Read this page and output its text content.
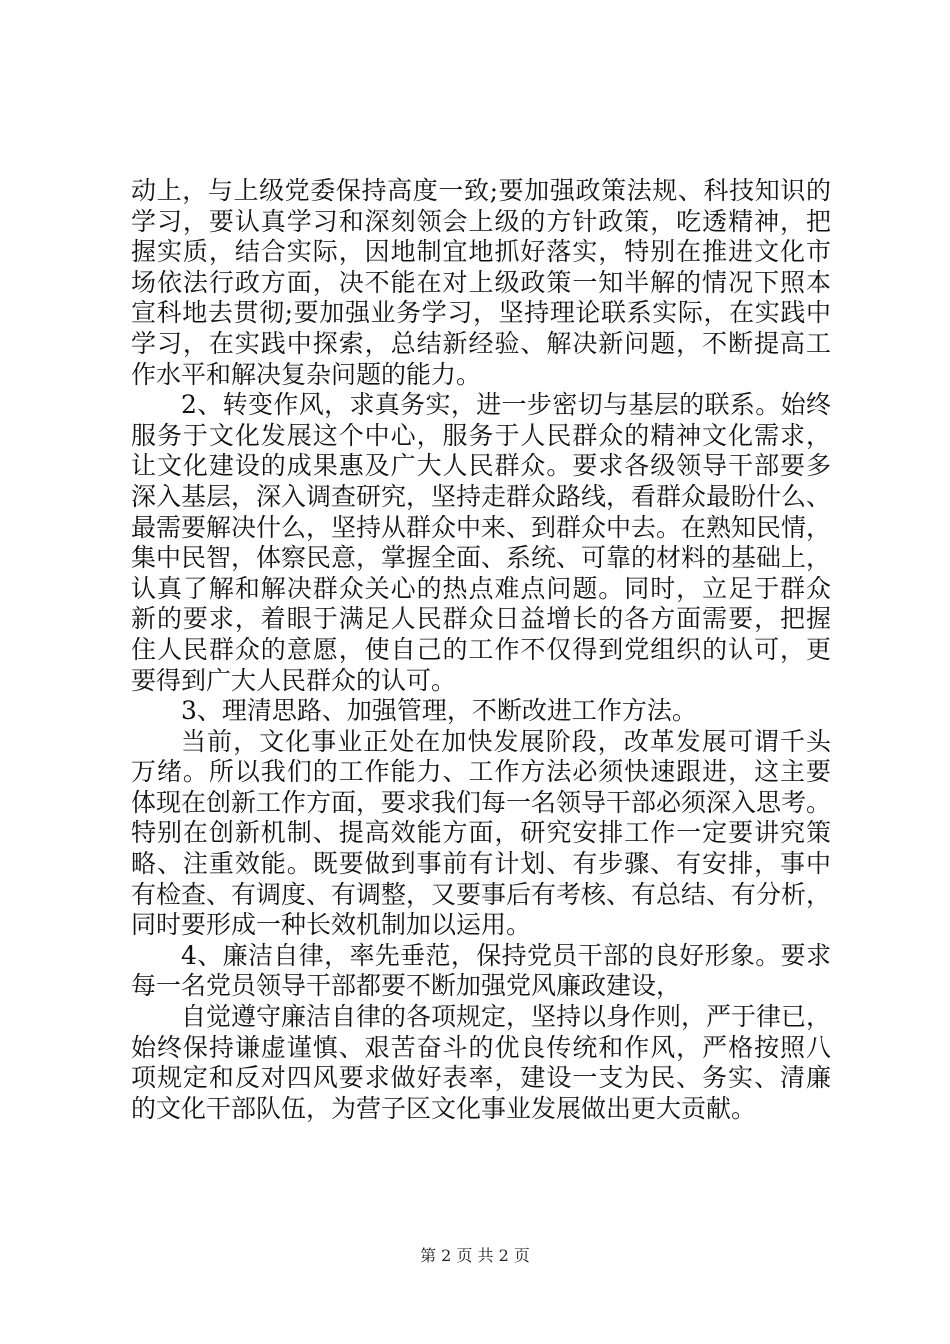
动上，与上级党委保持高度一致;要加强政策法规、科技知识的
学习，要认真学习和深刻领会上级的方针政策，吃透精神，把
握实质，结合实际，因地制宜地抓好落实，特别在推进文化市
场依法行政方面，决不能在对上级政策一知半解的情况下照本
宣科地去贯彻;要加强业务学习，坚持理论联系实际，在实践中
学习，在实践中探索，总结新经验、解决新问题，不断提高工
作水平和解决复杂问题的能力。
2、转变作风，求真务实，进一步密切与基层的联系。始终
服务于文化发展这个中心，服务于人民群众的精神文化需求，
让文化建设的成果惠及广大人民群众。要求各级领导干部要多
深入基层，深入调查研究，坚持走群众路线，看群众最盼什么、
最需要解决什么，坚持从群众中来、到群众中去。在熟知民情，
集中民智，体察民意，掌握全面、系统、可靠的材料的基础上，
认真了解和解决群众关心的热点难点问题。同时，立足于群众
新的要求，着眼于满足人民群众日益增长的各方面需要，把握
住人民群众的意愿，使自己的工作不仅得到党组织的认可，更
要得到广大人民群众的认可。
3、理清思路、加强管理，不断改进工作方法。
当前，文化事业正处在加快发展阶段，改革发展可谓千头
万绪。所以我们的工作能力、工作方法必须快速跟进，这主要
体现在创新工作方面，要求我们每一名领导干部必须深入思考。
特别在创新机制、提高效能方面，研究安排工作一定要讲究策
略、注重效能。既要做到事前有计划、有步骤、有安排，事中
有检查、有调度、有调整，又要事后有考核、有总结、有分析，
同时要形成一种长效机制加以运用。
4、廉洁自律，率先垂范，保持党员干部的良好形象。要求
每一名党员领导干部都要不断加强党风廉政建设，
自觉遵守廉洁自律的各项规定，坚持以身作则，严于律已，
始终保持谦虚谨慎、艰苦奋斗的优良传统和作风，严格按照八
项规定和反对四风要求做好表率，建设一支为民、务实、清廉
的文化干部队伍，为营子区文化事业发展做出更大贡献。
第 2 页 共 2 页
